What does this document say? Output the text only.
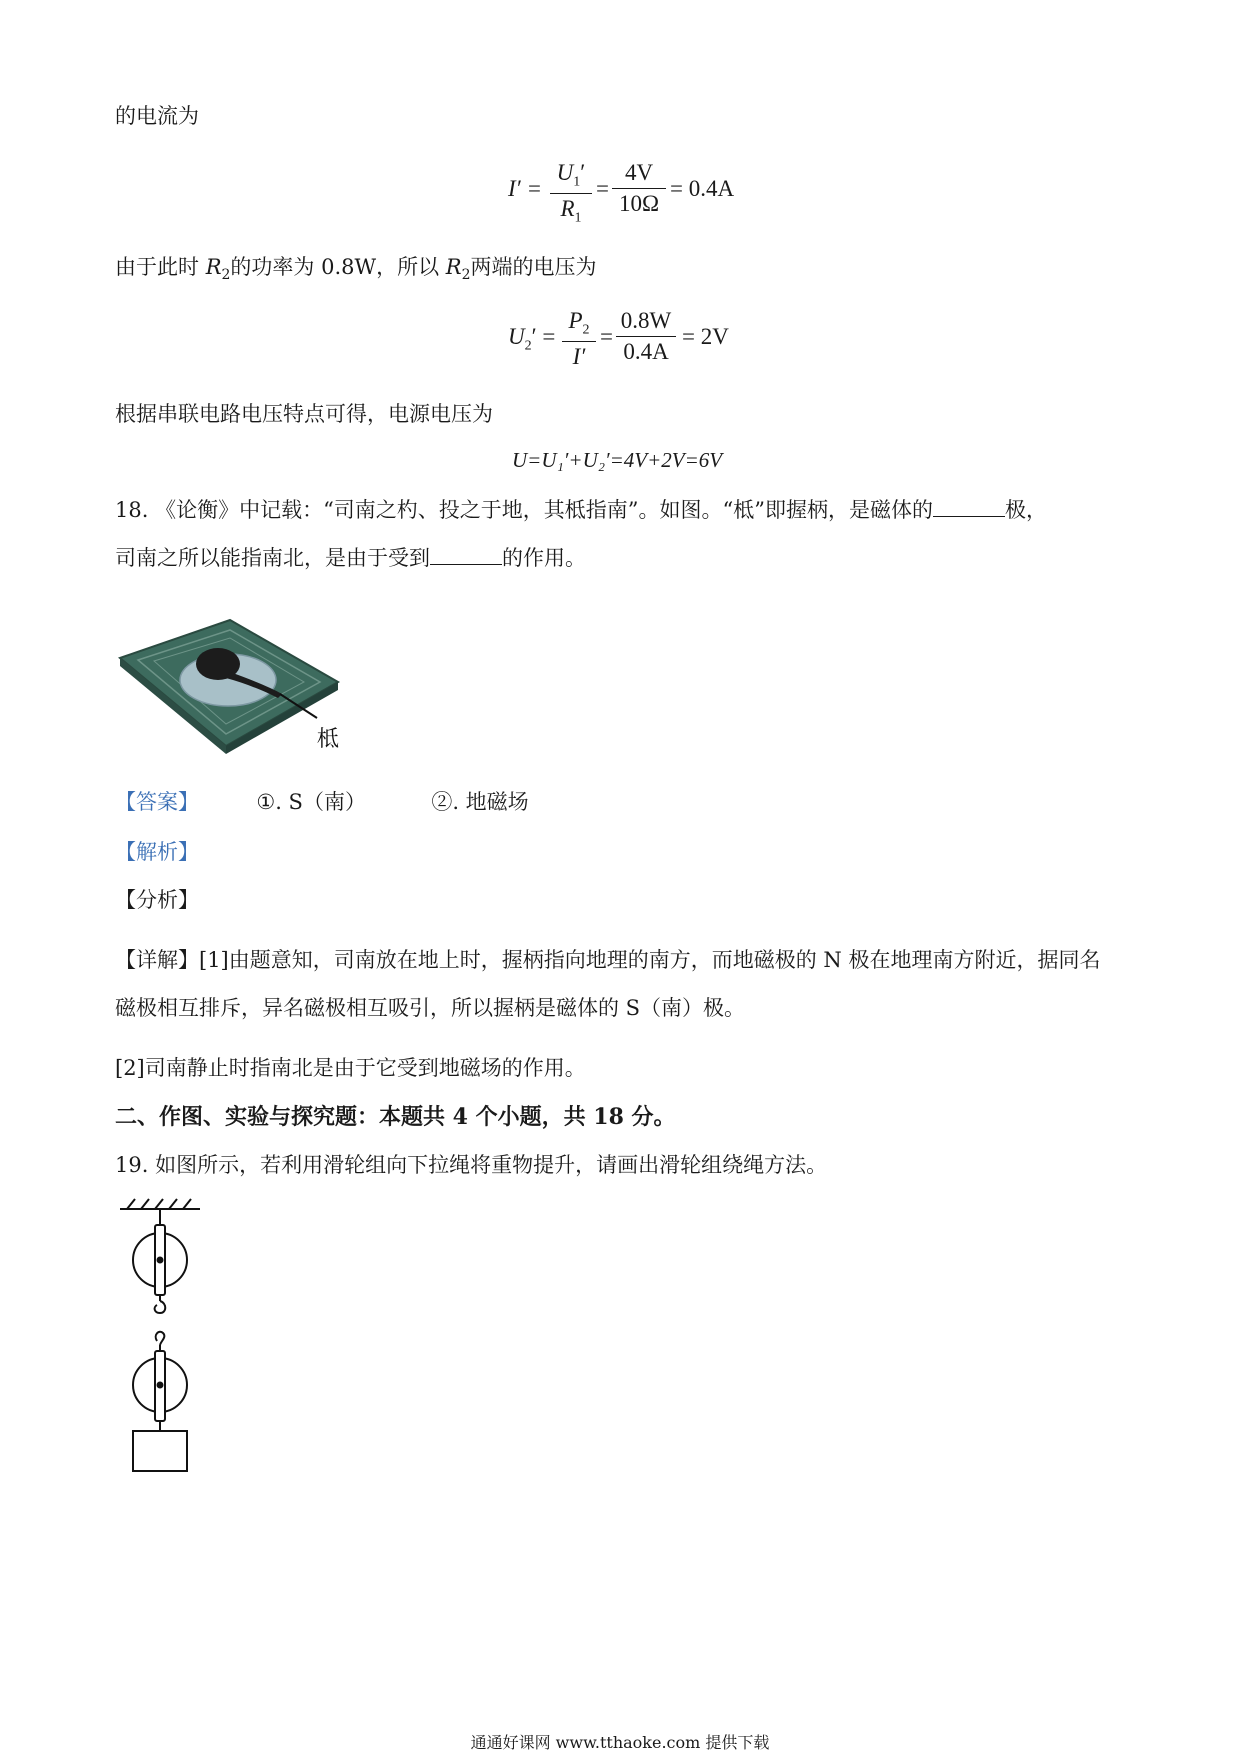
的电流为
$I' = \frac{U_1'}{R_1} = \frac{4V}{10\Omega} = 0.4A$
由于此时 $R_2$的功率为 0.8W，所以 $R_2$两端的电压为
$U_2' = \frac{P_2}{I'} = \frac{0.8W}{0.4A} = 2V$
根据串联电路电压特点可得，电源电压为
U=U₁′+U₂′=4V+2V=6V
18. 《论衡》中记载：“司南之杓、投之于地，其柢指南”。如图。“柢”即握柄，是磁体的	极，
司南之所以能指南北，是由于受到	的作用。
柢
【答案】	①. S（南）	②. 地磁场
【解析】
【分析】
【详解】[1]由题意知，司南放在地上时，握柄指向地理的南方，而地磁极的 N 极在地理南方附近，据同名
磁极相互排斥，异名磁极相互吸引，所以握柄是磁体的 S（南）极。
[2]司南静止时指南北是由于它受到地磁场的作用。
二、作图、实验与探究题：本题共 4 个小题，共 18 分。
19. 如图所示，若利用滑轮组向下拉绳将重物提升，请画出滑轮组绕绳方法。
通通好课网 www.tthaoke.com 提供下载
